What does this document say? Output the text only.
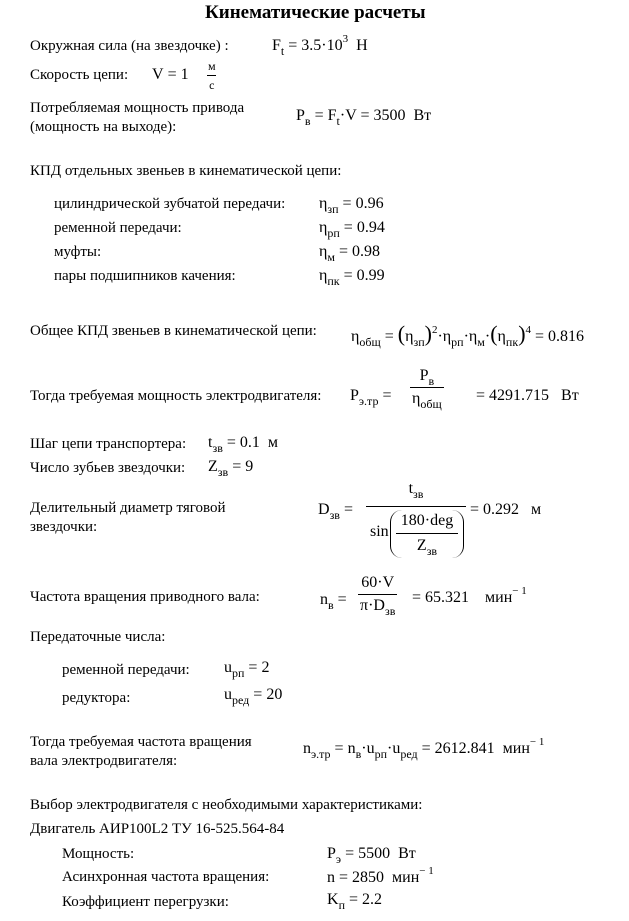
Кинематические расчеты
Окружная сила (на звездочке) :	$F_t = 3.5\cdot 10^3$ Н
Скорость цепи: V = 1 м
с
Потребляемая мощность привода
(мощность на выходе):
$P_в = F_t\cdot V = 3500$ Вт
КПД отдельных звеньев в кинематической цепи:
цилиндрической зубчатой передачи: $\eta_{зп} = 0.96$
ременной передачи:	$\eta_{рп} = 0.94$
муфты:	$\eta_м = 0.98$
пары подшипников качения:	$\eta_{пк} = 0.99$
Общее КПД звеньев в кинематической цепи: $\eta_{общ} = (\eta_{зп})^2\cdot\eta_{рп}\cdot\eta_м\cdot(\eta_{пк})^4 = 0.816$
Тогда требуемая мощность электродвигателя: $P_{э.тр}$ =
$P_в$
$\eta_{общ} = 4291.715$ Вт
Шаг цепи транспортера: $t_{зв} = 0.1$ м
Число зубьев звездочки: $Z_{зв} = 9$
Делительный диаметр тяговой
звездочки:
$D_{зв}$ =
$t_{зв}$
sin
180·deg
$Z_{зв}$
= 0.292 м
Частота вращения приводного вала:	$n_в$ =
60·V
$\pi\cdot D_{зв}$
= 65.321 мин$^{- 1}$
Передаточные числа:
ременной передачи: $u_{рп} = 2$
редуктора:	$u_{ред} = 20$
Тогда требуемая частота вращения
вала электродвигателя:
$n_{э.тр} = n_в\cdot u_{рп}\cdot u_{ред} = 2612.841$ мин$^{- 1}$
Выбор электродвигателя с необходимыми характеристиками:
Двигатель АИР100L2 ТУ 16-525.564-84
Мощность:	$P_э = 5500$ Вт
Асинхронная частота вращения:	n = 2850 мин$^{- 1}$
Коэффициент перегрузки:	$K_п = 2.2$
